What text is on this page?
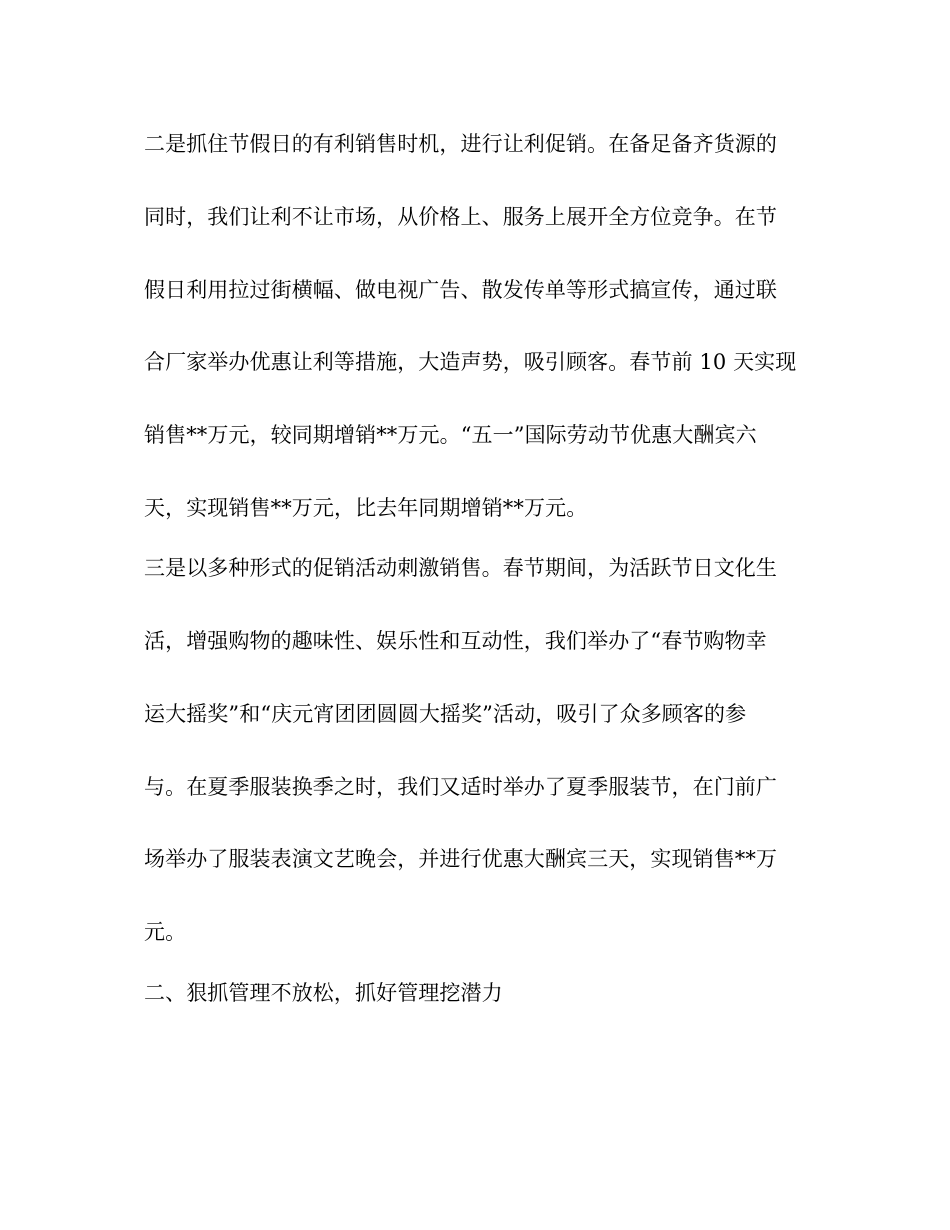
二是抓住节假日的有利销售时机，进行让利促销。在备足备齐货源的
同时，我们让利不让市场，从价格上、服务上展开全方位竞争。在节
假日利用拉过街横幅、做电视广告、散发传单等形式搞宣传，通过联
合厂家举办优惠让利等措施，大造声势，吸引顾客。春节前 10 天实现
销售**万元，较同期增销**万元。“五一”国际劳动节优惠大酬宾六
天，实现销售**万元，比去年同期增销**万元。
三是以多种形式的促销活动刺激销售。春节期间，为活跃节日文化生
活，增强购物的趣味性、娱乐性和互动性，我们举办了“春节购物幸
运大摇奖”和“庆元宵团团圆圆大摇奖”活动，吸引了众多顾客的参
与。在夏季服装换季之时，我们又适时举办了夏季服装节，在门前广
场举办了服装表演文艺晚会，并进行优惠大酬宾三天，实现销售**万
元。
二、狠抓管理不放松，抓好管理挖潜力
